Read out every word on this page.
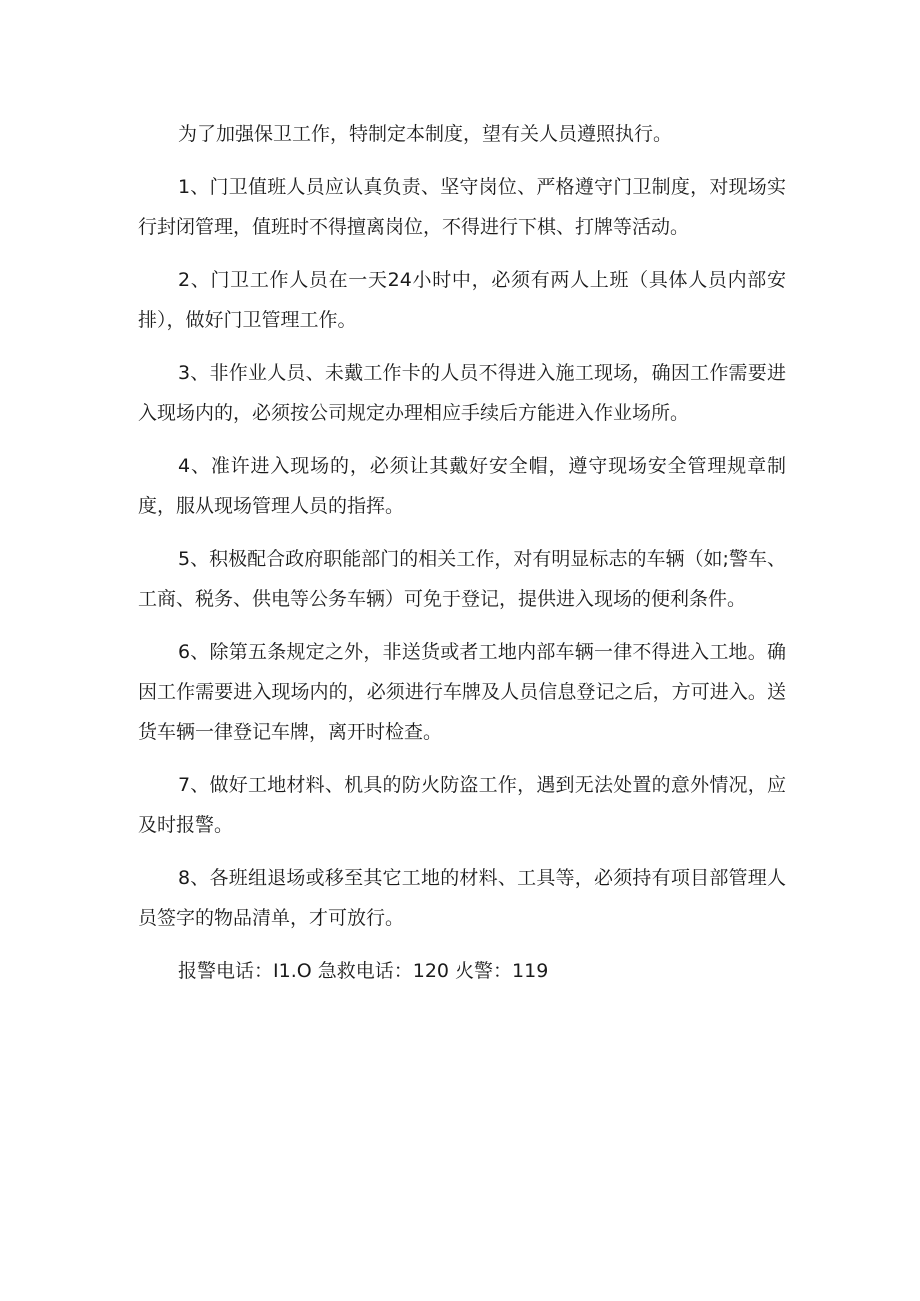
为了加强保卫工作，特制定本制度，望有关人员遵照执行。

1、门卫值班人员应认真负责、坚守岗位、严格遵守门卫制度，对现场实行封闭管理，值班时不得擅离岗位，不得进行下棋、打牌等活动。

2、门卫工作人员在一天24小时中，必须有两人上班（具体人员内部安排），做好门卫管理工作。

3、非作业人员、未戴工作卡的人员不得进入施工现场，确因工作需要进入现场内的，必须按公司规定办理相应手续后方能进入作业场所。

4、准许进入现场的，必须让其戴好安全帽，遵守现场安全管理规章制度，服从现场管理人员的指挥。

5、积极配合政府职能部门的相关工作，对有明显标志的车辆（如;警车、工商、税务、供电等公务车辆）可免于登记，提供进入现场的便利条件。

6、除第五条规定之外，非送货或者工地内部车辆一律不得进入工地。确因工作需要进入现场内的，必须进行车牌及人员信息登记之后，方可进入。送货车辆一律登记车牌，离开时检查。

7、做好工地材料、机具的防火防盗工作，遇到无法处置的意外情况，应及时报警。

8、各班组退场或移至其它工地的材料、工具等，必须持有项目部管理人员签字的物品清单，才可放行。

报警电话：I1.O 急救电话：120 火警：119
